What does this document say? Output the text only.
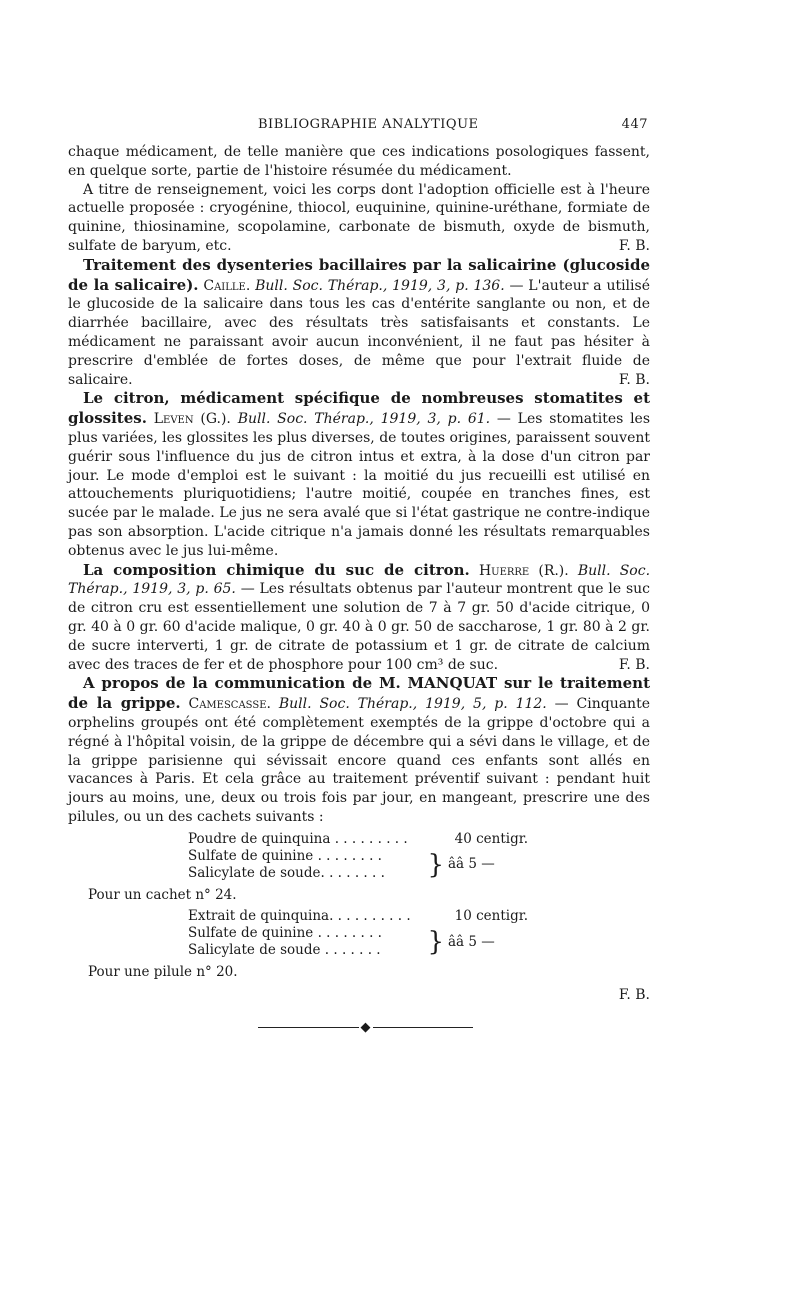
BIBLIOGRAPHIE ANALYTIQUE	447

chaque médicament, de telle manière que ces indications posologiques fassent, en quelque sorte, partie de l'histoire résumée du médicament.

A titre de renseignement, voici les corps dont l'adoption officielle est à l'heure actuelle proposée : cryogénine, thiocol, euquinine, quinine-uréthane, formiate de quinine, thiosinamine, scopolamine, carbonate de bismuth, oxyde de bismuth, sulfate de baryum, etc.	F. B.

Traitement des dysenteries bacillaires par la salicairine (glucoside de la salicaire). Caille. Bull. Soc. Thérap., 1919, 3, p. 136. — L'auteur a utilisé le glucoside de la salicaire dans tous les cas d'entérite sanglante ou non, et de diarrhée bacillaire, avec des résultats très satisfaisants et constants. Le médicament ne paraissant avoir aucun inconvénient, il ne faut pas hésiter à prescrire d'emblée de fortes doses, de même que pour l'extrait fluide de salicaire.	F. B.

Le citron, médicament spécifique de nombreuses stomatites et glossites. Leven (G.). Bull. Soc. Thérap., 1919, 3, p. 61. — Les stomatites les plus variées, les glossites les plus diverses, de toutes origines, paraissent souvent guérir sous l'influence du jus de citron intus et extra, à la dose d'un citron par jour. Le mode d'emploi est le suivant : la moitié du jus recueilli est utilisé en attouchements pluriquotidiens; l'autre moitié, coupée en tranches fines, est sucée par le malade. Le jus ne sera avalé que si l'état gastrique ne contre-indique pas son absorption. L'acide citrique n'a jamais donné les résultats remarquables obtenus avec le jus lui-même.

La composition chimique du suc de citron. Huerre (R.). Bull. Soc. Thérap., 1919, 3, p. 65. — Les résultats obtenus par l'auteur montrent que le suc de citron cru est essentiellement une solution de 7 à 7 gr. 50 d'acide citrique, 0 gr. 40 à 0 gr. 60 d'acide malique, 0 gr. 40 à 0 gr. 50 de saccharose, 1 gr. 80 à 2 gr. de sucre interverti, 1 gr. de citrate de potassium et 1 gr. de citrate de calcium avec des traces de fer et de phosphore pour 100 cm³ de suc.	F. B.

A propos de la communication de M. MANQUAT sur le traitement de la grippe. Camescasse. Bull. Soc. Thérap., 1919, 5, p. 112. — Cinquante orphelins groupés ont été complètement exemptés de la grippe d'octobre qui a régné à l'hôpital voisin, de la grippe de décembre qui a sévi dans le village, et de la grippe parisienne qui sévissait encore quand ces enfants sont allés en vacances à Paris. Et cela grâce au traitement préventif suivant : pendant huit jours au moins, une, deux ou trois fois par jour, en mangeant, prescrire une des pilules, ou un des cachets suivants :

Poudre de quinquina . . . . . . . . .	40 centigr.
Sulfate de quinine . . . . . . . .
Salicylate de soude. . . . . . . .	} ââ 5 —
Pour un cachet n° 24.
Extrait de quinquina. . . . . . . . . .	10 centigr.
Sulfate de quinine . . . . . . . .
Salicylate de soude . . . . . . .	} ââ 5 —
Pour une pilule n° 20.
F. B.
◆
